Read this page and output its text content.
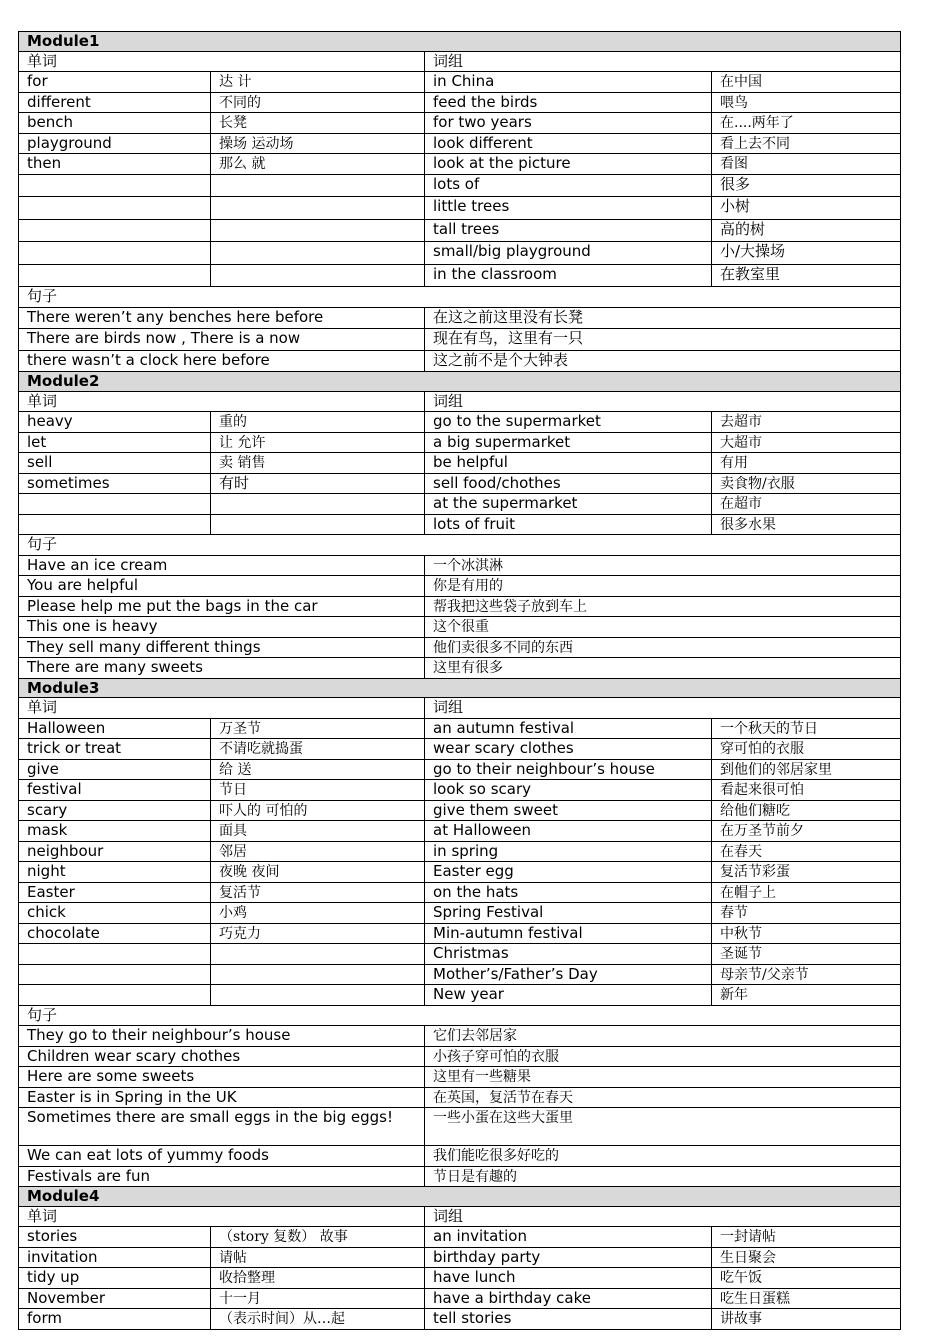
Module1			
单词		词组	
for	达 计	in China	在中国
different	不同的	feed the birds	喂鸟
bench	长凳	for two years	在....两年了
playground	操场 运动场	look different	看上去不同
then	那么 就	look at the picture	看图
		lots of	很多
		little trees	小树
		tall trees	高的树
		small/big playground	小/大操场
		in the classroom	在教室里
句子			
There weren’t any benches here before		在这之前这里没有长凳	
There are birds now , There is a now		现在有鸟，这里有一只	
there wasn’t a clock here before		这之前不是个大钟表	
Module2			
单词		词组	
heavy	重的	go to the supermarket	去超市
let	让 允许	a big supermarket	大超市
sell	卖 销售	be helpful	有用
sometimes	有时	sell food/chothes	卖食物/衣服
		at the supermarket	在超市
		lots of fruit	很多水果
句子			
Have an ice cream		一个冰淇淋	
You are helpful		你是有用的	
Please help me put the bags in the car		帮我把这些袋子放到车上	
This one is heavy		这个很重	
They sell many different things		他们卖很多不同的东西	
There are many sweets		这里有很多	
Module3			
单词		词组	
Halloween	万圣节	an autumn festival	一个秋天的节日
trick or treat	不请吃就捣蛋	wear scary clothes	穿可怕的衣服
give	给 送	go to their neighbour’s house	到他们的邻居家里
festival	节日	look so scary	看起来很可怕
scary	吓人的 可怕的	give them sweet	给他们糖吃
mask	面具	at Halloween	在万圣节前夕
neighbour	邻居	in spring	在春天
night	夜晚 夜间	Easter egg	复活节彩蛋
Easter	复活节	on the hats	在帽子上
chick	小鸡	Spring Festival	春节
chocolate	巧克力	Min-autumn festival	中秋节
		Christmas	圣诞节
		Mother’s/Father’s Day	母亲节/父亲节
		New year	新年
句子			
They go to their neighbour’s house		它们去邻居家	
Children wear scary chothes		小孩子穿可怕的衣服	
Here are some sweets		这里有一些糖果	
Easter is in Spring in the UK		在英国，复活节在春天	
Sometimes there are small eggs in the big eggs!		一些小蛋在这些大蛋里	
We can eat lots of yummy foods		我们能吃很多好吃的	
Festivals are fun		节日是有趣的	
Module4			
单词		词组	
stories	（story 复数） 故事	an invitation	一封请帖
invitation	请帖	birthday party	生日聚会
tidy up	收拾整理	have lunch	吃午饭
November	十一月	have a birthday cake	吃生日蛋糕
form	（表示时间）从…起	tell stories	讲故事
